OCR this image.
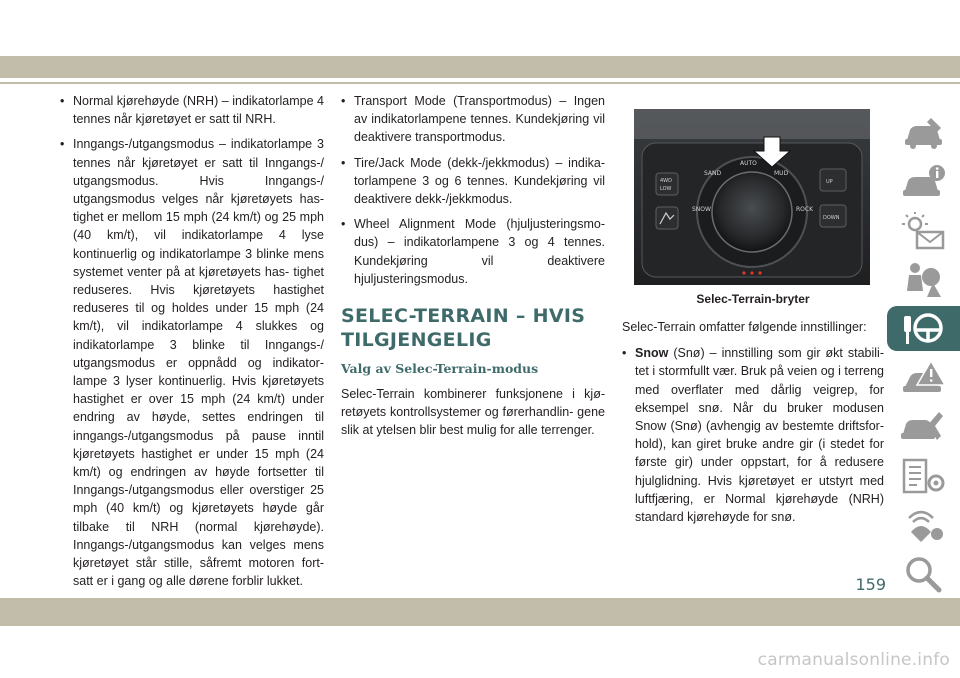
• Normal kjørehøyde (NRH) – indikatorlampe 4 tennes når kjøretøyet er satt til NRH.
• Inngangs-/utgangsmodus – indikatorlampe 3 tennes når kjøretøyet er satt til Inngangs-/ utgangsmodus. Hvis Inngangs-/ utgangsmodus velges når kjøretøyets has- tighet er mellom 15 mph (24 km/t) og 25 mph (40 km/t), vil indikatorlampe 4 lyse kontinuerlig og indikatorlampe 3 blinke mens systemet venter på at kjøretøyets has- tighet reduseres. Hvis kjøretøyets hastighet reduseres til og holdes under 15 mph (24 km/t), vil indikatorlampe 4 slukkes og indikatorlampe 3 blinke til Inngangs-/ utgangsmodus er oppnådd og indikator- lampe 3 lyser kontinuerlig. Hvis kjøretøyets hastighet er over 15 mph (24 km/t) under endring av høyde, settes endringen til inngangs-/utgangsmodus på pause inntil kjøretøyets hastighet er under 15 mph (24 km/t) og endringen av høyde fortsetter til Inngangs-/utgangsmodus eller overstiger 25 mph (40 km/t) og kjøretøyets høyde går tilbake til NRH (normal kjørehøyde). Inngangs-/utgangsmodus kan velges mens kjøretøyet står stille, såfremt motoren fort- satt er i gang og alle dørene forblir lukket.
• Transport Mode (Transportmodus) – Ingen av indikatorlampene tennes. Kundekjøring vil deaktivere transportmodus.
• Tire/Jack Mode (dekk-/jekkmodus) – indika- torlampene 3 og 6 tennes. Kundekjøring vil deaktivere dekk-/jekkmodus.
• Wheel Alignment Mode (hjuljusteringsmo- dus) – indikatorlampene 3 og 4 tennes. Kundekjøring vil deaktivere hjuljusteringsmodus.
SELEC-TERRAIN – HVIS TILGJENGELIG
Valg av Selec-Terrain-modus
Selec-Terrain kombinerer funksjonene i kjø- retøyets kontrollsystemer og førerhandlin- gene slik at ytelsen blir best mulig for alle terrenger.
AUTO
SAND	MUD
SNOW	ROCK
4WD
LOW
UP
DOWN
Selec-Terrain-bryter
Selec-Terrain omfatter følgende innstillinger:
• Snow (Snø) – innstilling som gir økt stabili- tet i stormfullt vær. Bruk på veien og i terreng med overflater med dårlig veigrep, for eksempel snø. Når du bruker modusen Snow (Snø) (avhengig av bestemte driftsfor- hold), kan giret bruke andre gir (i stedet for første gir) under oppstart, for å redusere hjulglidning. Hvis kjøretøyet er utstyrt med luftfjæring, er Normal kjørehøyde (NRH) standard kjørehøyde for snø.
159
carmanualsonline.info
